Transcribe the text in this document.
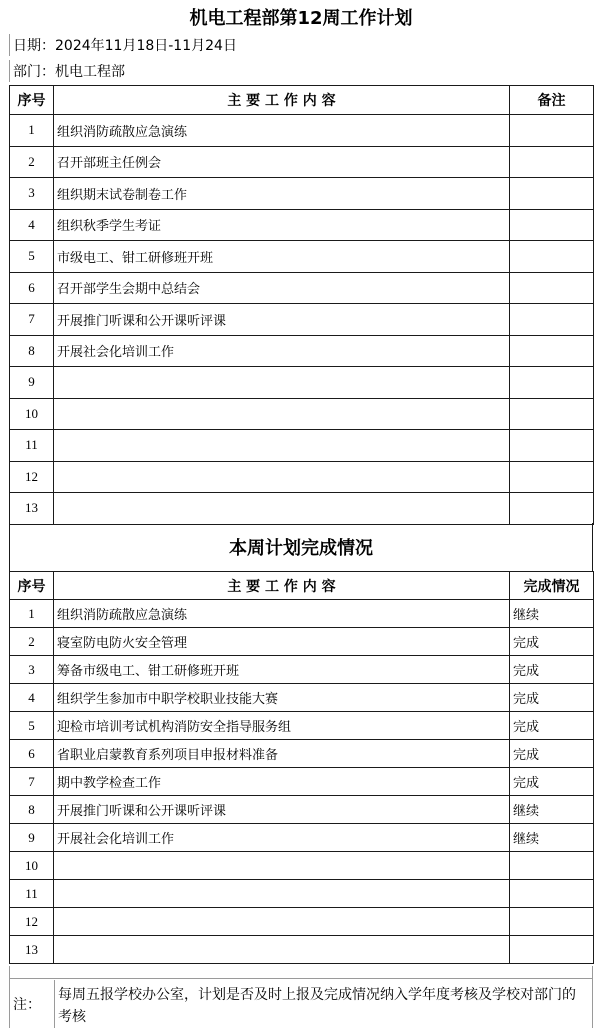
机电工程部第12周工作计划
日期：2024年11月18日-11月24日
部门：机电工程部
序号	主 要 工 作 内 容	备注
1	组织消防疏散应急演练	
2	召开部班主任例会	
3	组织期末试卷制卷工作	
4	组织秋季学生考证	
5	市级电工、钳工研修班开班	
6	召开部学生会期中总结会	
7	开展推门听课和公开课听评课	
8	开展社会化培训工作	
9		
10		
11		
12		
13		
本周计划完成情况
序号	主 要 工 作 内 容	完成情况
1	组织消防疏散应急演练	继续
2	寝室防电防火安全管理	完成
3	筹备市级电工、钳工研修班开班	完成
4	组织学生参加市中职学校职业技能大赛	完成
5	迎检市培训考试机构消防安全指导服务组	完成
6	省职业启蒙教育系列项目申报材料准备	完成
7	期中教学检查工作	完成
8	开展推门听课和公开课听评课	继续
9	开展社会化培训工作	继续
10		
11		
12		
13		
注：
每周五报学校办公室，计划是否及时上报及完成情况纳入学年度考核及学校对部门的考核
